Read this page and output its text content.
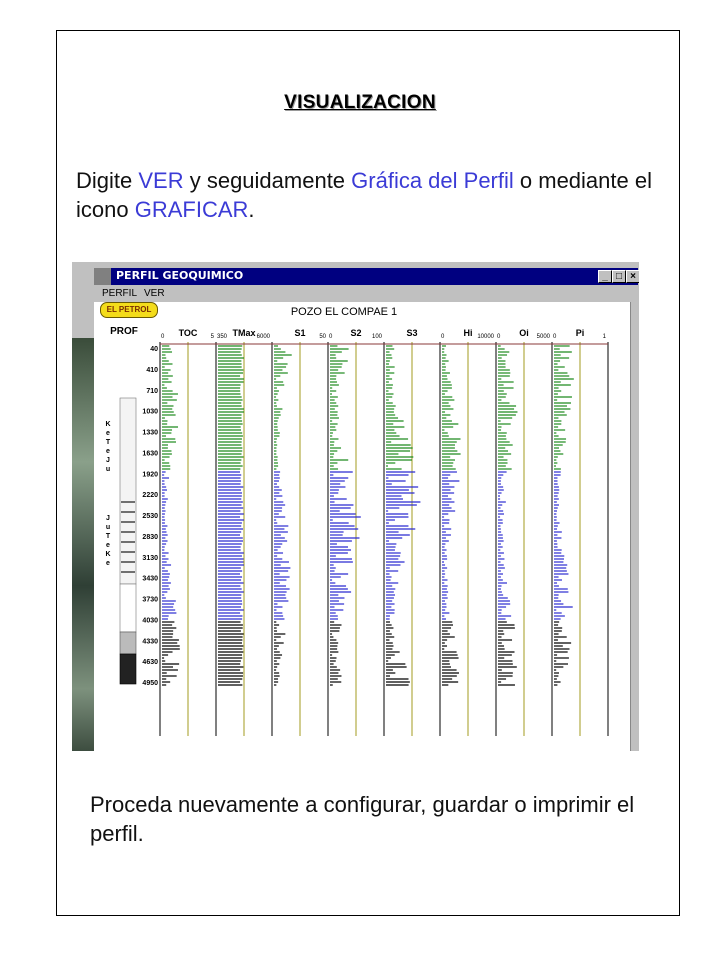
VISUALIZACION
Digite VER y seguidamente Gráfica del Perfil o mediante el icono GRAFICAR.
PERFIL GEOQUIMICO	_ □ ×
PERFIL VER
EL PETROL	POZO EL COMPAE 1
PROF
K
e
T
e
J
u
J
u
T
e
K
e
40
410
710
1030
1330
1630
1920
2220
2530
2830
3130
3430
3730
4030
4330
4630
4950
TOC
0	5 TMax
350	6000	S1 50	S2
0	100	S3	Hi
0	10000	Oi
0	5000	Pi
0	1
Proceda nuevamente a configurar, guardar o imprimir el perfil.
